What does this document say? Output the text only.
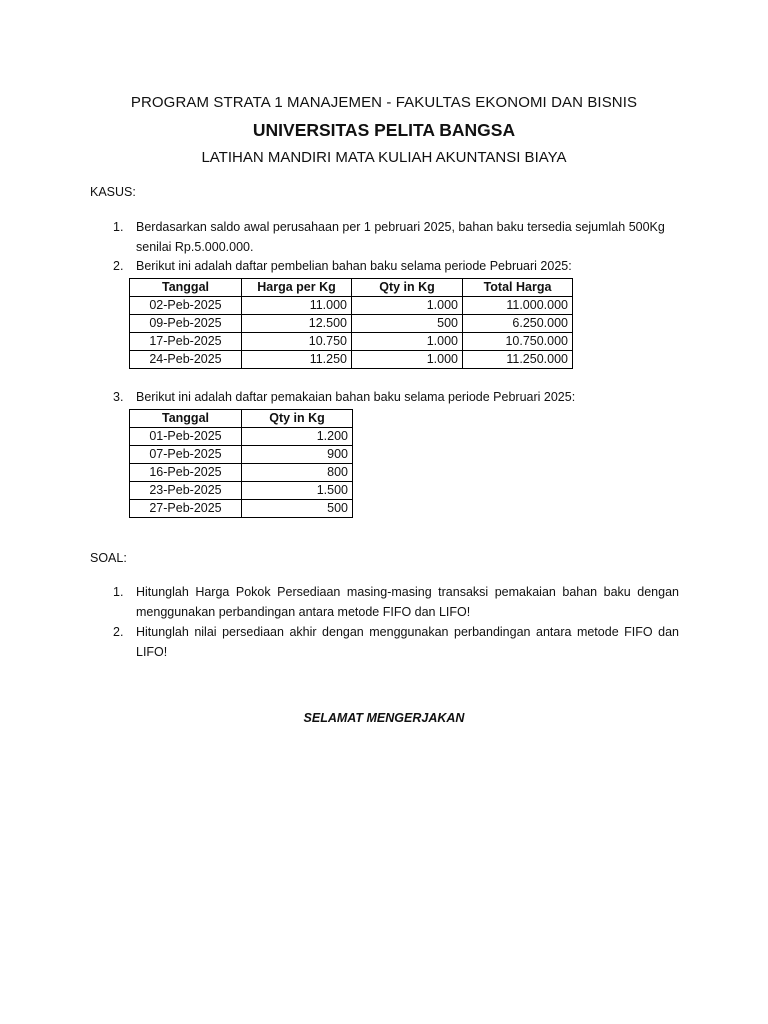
PROGRAM STRATA 1 MANAJEMEN - FAKULTAS EKONOMI DAN BISNIS
UNIVERSITAS PELITA BANGSA
LATIHAN MANDIRI MATA KULIAH AKUNTANSI BIAYA
KASUS:
1. Berdasarkan saldo awal perusahaan per 1 pebruari 2025, bahan baku tersedia sejumlah 500Kg senilai Rp.5.000.000.
2. Berikut ini adalah daftar pembelian bahan baku selama periode Pebruari 2025:
Tanggal	Harga per Kg	Qty in Kg	Total Harga
02-Peb-2025	11.000	1.000	11.000.000
09-Peb-2025	12.500	500	6.250.000
17-Peb-2025	10.750	1.000	10.750.000
24-Peb-2025	11.250	1.000	11.250.000
3. Berikut ini adalah daftar pemakaian bahan baku selama periode Pebruari 2025:
Tanggal	Qty in Kg
01-Peb-2025	1.200
07-Peb-2025	900
16-Peb-2025	800
23-Peb-2025	1.500
27-Peb-2025	500
SOAL:
1. Hitunglah Harga Pokok Persediaan masing-masing transaksi pemakaian bahan baku dengan menggunakan perbandingan antara metode FIFO dan LIFO!
2. Hitunglah nilai persediaan akhir dengan menggunakan perbandingan antara metode FIFO dan LIFO!
SELAMAT MENGERJAKAN
